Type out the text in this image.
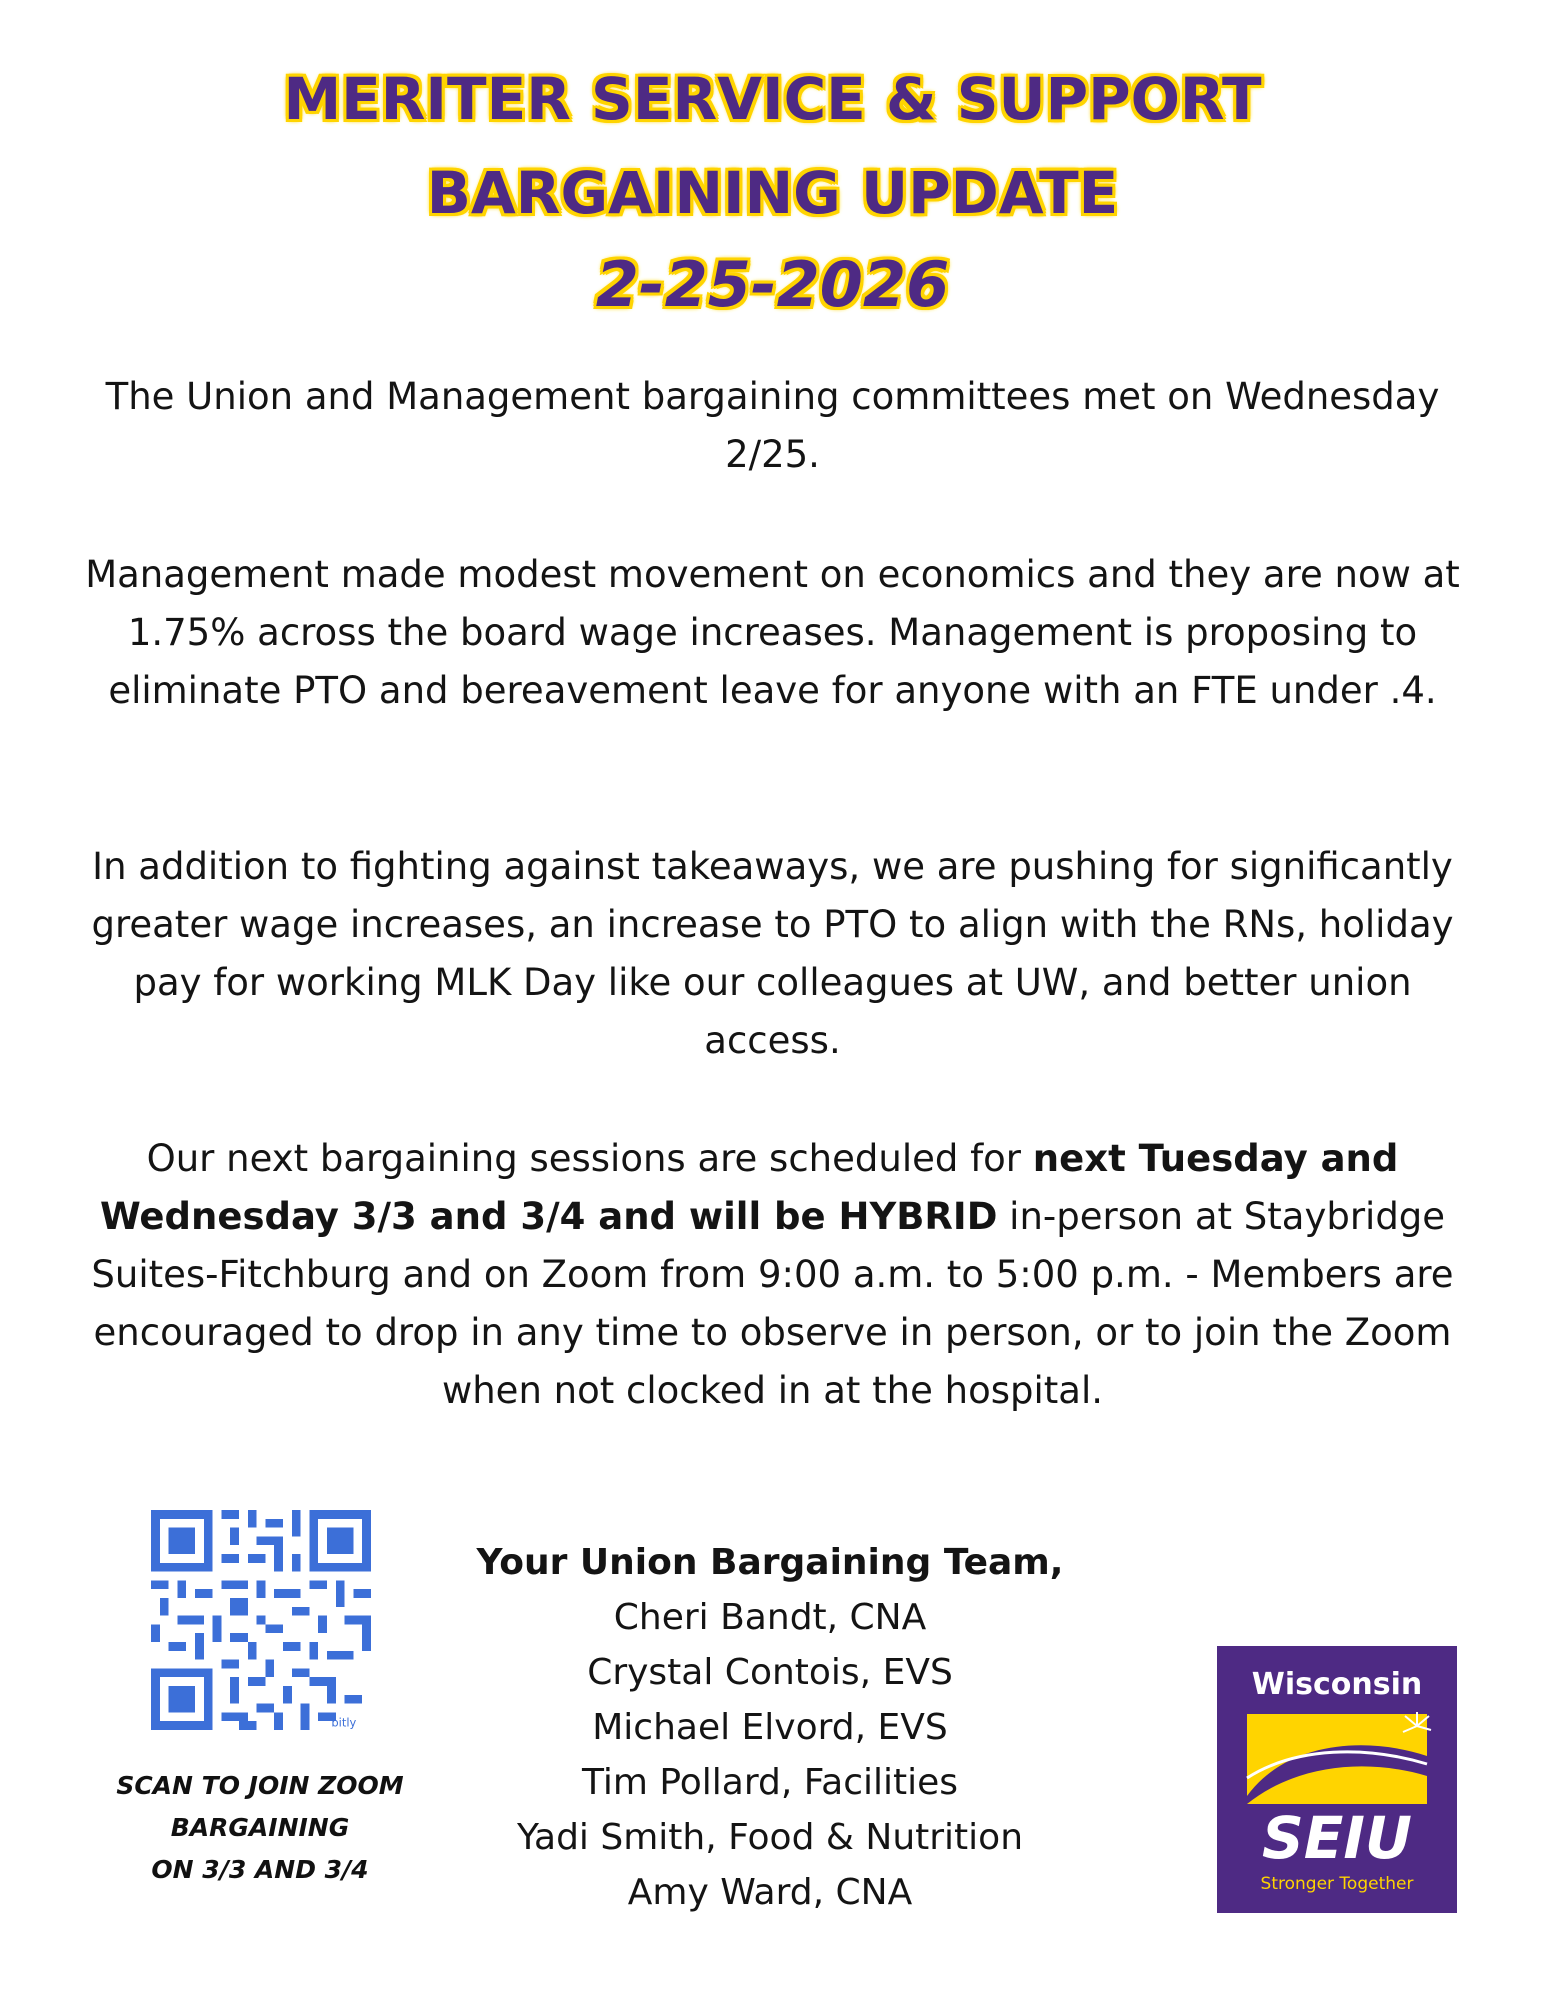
MERITER SERVICE & SUPPORT
BARGAINING UPDATE
2-25-2026
The Union and Management bargaining committees met on Wednesday 2/25.
Management made modest movement on economics and they are now at 1.75% across the board wage increases. Management is proposing to eliminate PTO and bereavement leave for anyone with an FTE under .4.
In addition to fighting against takeaways, we are pushing for significantly greater wage increases, an increase to PTO to align with the RNs, holiday pay for working MLK Day like our colleagues at UW, and better union access.
Our next bargaining sessions are scheduled for next Tuesday and Wednesday 3/3 and 3/4 and will be HYBRID in-person at Staybridge Suites-Fitchburg and on Zoom from 9:00 a.m. to 5:00 p.m. - Members are encouraged to drop in any time to observe in person, or to join the Zoom when not clocked in at the hospital.
bitly
SCAN TO JOIN ZOOM
BARGAINING
ON 3/3 AND 3/4
Your Union Bargaining Team,
Cheri Bandt, CNA
Crystal Contois, EVS
Michael Elvord, EVS
Tim Pollard, Facilities
Yadi Smith, Food & Nutrition
Amy Ward, CNA
Wisconsin
SEIU
Stronger Together
